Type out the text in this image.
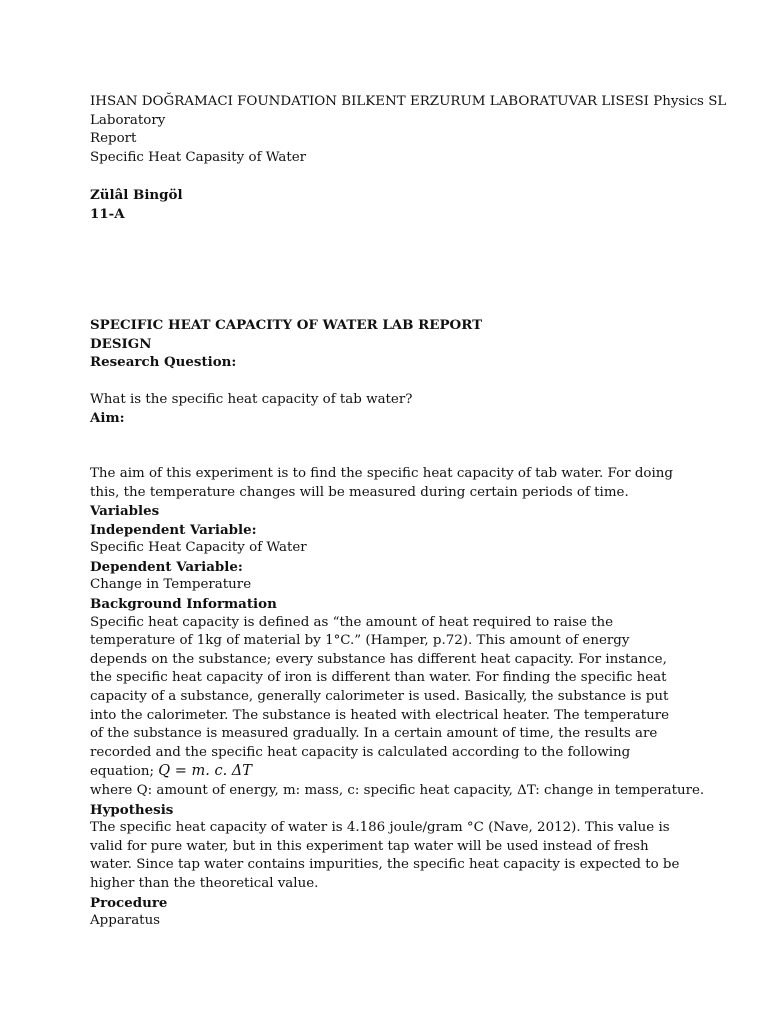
IHSAN DOĞRAMACI FOUNDATION BILKENT ERZURUM LABORATUVAR LISESI Physics SL
Laboratory
Report
Specific Heat Capasity of Water
Zülâl Bingöl
11-A
SPECIFIC HEAT CAPACITY OF WATER LAB REPORT
DESIGN
Research Question:
What is the specific heat capacity of tab water?
Aim:
The aim of this experiment is to find the specific heat capacity of tab water. For doing this, the temperature changes will be measured during certain periods of time.
Variables
Independent Variable:
Specific Heat Capacity of Water
Dependent Variable:
Change in Temperature
Background Information
Specific heat capacity is defined as “the amount of heat required to raise the temperature of 1kg of material by 1°C.” (Hamper, p.72). This amount of energy depends on the substance; every substance has different heat capacity. For instance, the specific heat capacity of iron is different than water. For finding the specific heat capacity of a substance, generally calorimeter is used. Basically, the substance is put into the calorimeter. The substance is heated with electrical heater. The temperature of the substance is measured gradually. In a certain amount of time, the results are recorded and the specific heat capacity is calculated according to the following equation; Q = m. c. ΔT
where Q: amount of energy, m: mass, c: specific heat capacity, ΔT: change in temperature.
Hypothesis
The specific heat capacity of water is 4.186 joule/gram °C (Nave, 2012). This value is valid for pure water, but in this experiment tap water will be used instead of fresh water. Since tap water contains impurities, the specific heat capacity is expected to be higher than the theoretical value.
Procedure
Apparatus
